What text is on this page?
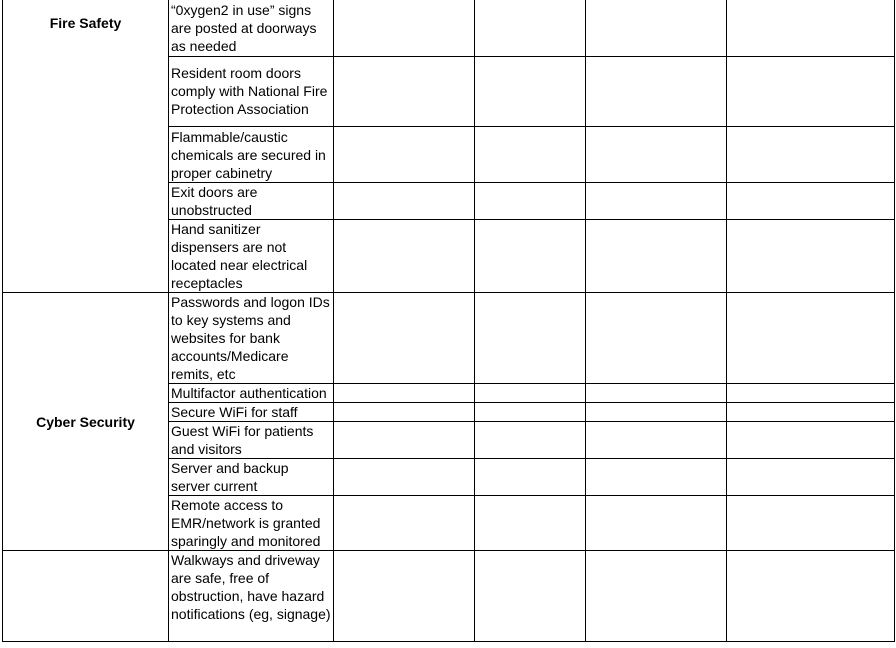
Fire Safety	“0xygen2 in use” signs are posted at doorways as needed				
	Resident room doors comply with National Fire Protection Association				
	Flammable/caustic chemicals are secured in proper cabinetry				
	Exit doors are unobstructed				
	Hand sanitizer dispensers are not located near electrical receptacles				

Cyber Security	Passwords and logon IDs to key systems and websites for bank accounts/Medicare remits, etc				
	Multifactor authentication				
	Secure WiFi for staff				
	Guest WiFi for patients and visitors				
	Server and backup server current				
	Remote access to EMR/network is granted sparingly and monitored				

	Walkways and driveway are safe, free of obstruction, have hazard notifications (eg, signage)				
